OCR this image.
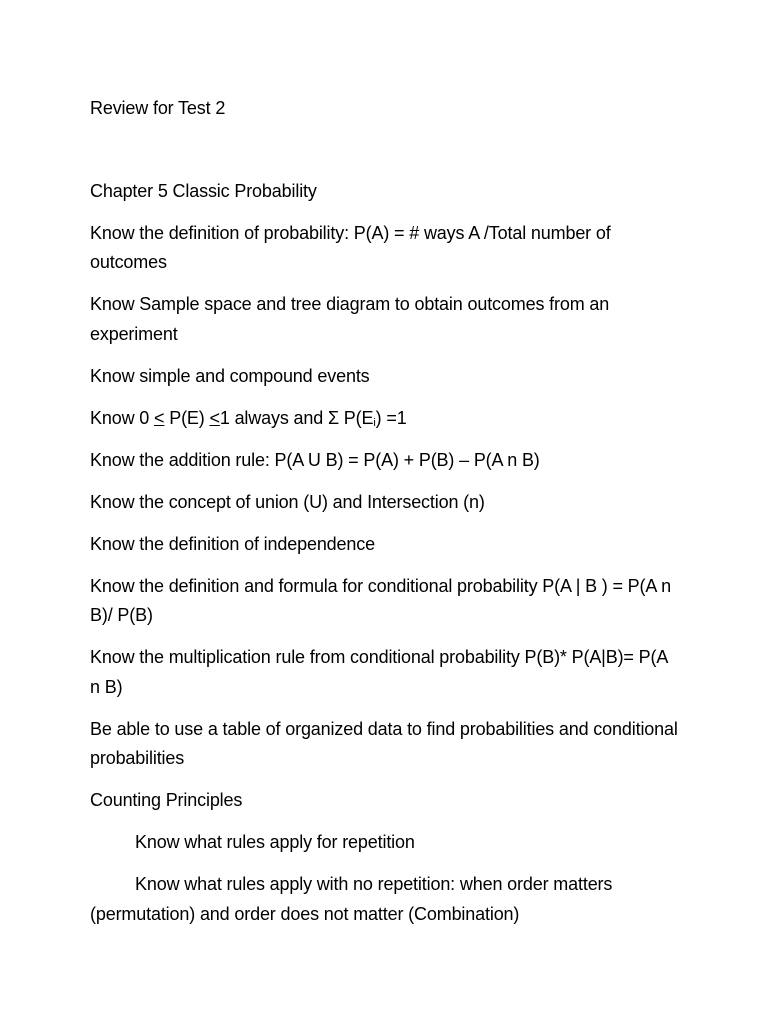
Review for Test 2

Chapter 5 Classic Probability

Know the definition of probability: P(A) = # ways A /Total number of outcomes

Know Sample space and tree diagram to obtain outcomes from an experiment

Know simple and compound events

Know 0 ≤ P(E) ≤1 always and Σ $P(E_i) =1$

Know the addition rule: P(A U B) = P(A) + P(B) – P(A n B)

Know the concept of union (U) and Intersection (n)

Know the definition of independence

Know the definition and formula for conditional probability P(A | B ) = P(A n B)/ P(B)

Know the multiplication rule from conditional probability P(B)* P(A|B)= P(A n B)

Be able to use a table of organized data to find probabilities and conditional probabilities

Counting Principles

Know what rules apply for repetition

Know what rules apply with no repetition: when order matters (permutation) and order does not matter (Combination)
